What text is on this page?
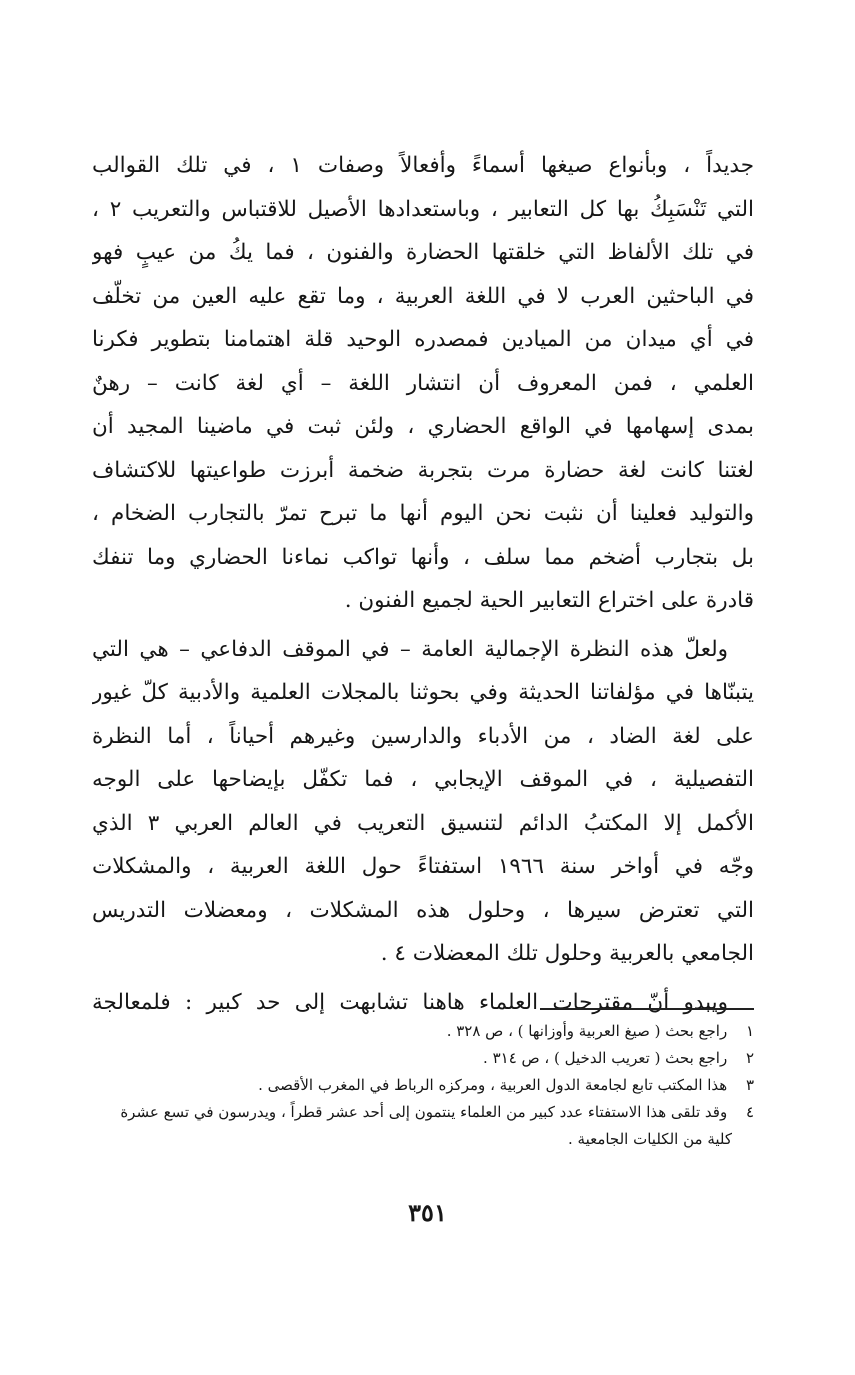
جديداً ، وبأنواع صيغها أسماءً وأفعالاً وصفات ١ ، في تلك القوالب
التي تَنْسَبِكُ بها كل التعابير ، وباستعدادها الأصيل للاقتباس والتعريب ٢ ،
في تلك الألفاظ التي خلقتها الحضارة والفنون ، فما يكُ من عيبٍ فهو
في الباحثين العرب لا في اللغة العربية ، وما تقع عليه العين من تخلّف
في أي ميدان من الميادين فمصدره الوحيد قلة اهتمامنا بتطوير فكرنا
العلمي ، فمن المعروف أن انتشار اللغة – أي لغة كانت – رهنٌ
بمدى إسهامها في الواقع الحضاري ، ولئن ثبت في ماضينا المجيد أن
لغتنا كانت لغة حضارة مرت بتجربة ضخمة أبرزت طواعيتها للاكتشاف
والتوليد فعلينا أن نثبت نحن اليوم أنها ما تبرح تمرّ بالتجارب الضخام ،
بل بتجارب أضخم مما سلف ، وأنها تواكب نماءنا الحضاري وما تنفك
قادرة على اختراع التعابير الحية لجميع الفنون .
ولعلّ هذه النظرة الإجمالية العامة – في الموقف الدفاعي – هي التي
يتبنّاها في مؤلفاتنا الحديثة وفي بحوثنا بالمجلات العلمية والأدبية كلّ غيور
على لغة الضاد ، من الأدباء والدارسين وغيرهم أحياناً ، أما النظرة
التفصيلية ، في الموقف الإيجابي ، فما تكفّل بإيضاحها على الوجه
الأكمل إلا المكتبُ الدائم لتنسيق التعريب في العالم العربي ٣ الذي
وجّه في أواخر سنة ١٩٦٦ استفتاءً حول اللغة العربية ، والمشكلات
التي تعترض سيرها ، وحلول هذه المشكلات ، ومعضلات التدريس
الجامعي بالعربية وحلول تلك المعضلات ٤ .
ويبدو أنّ مقترحات العلماء هاهنا تشابهت إلى حد كبير : فلمعالجة
١ راجع بحث ( صيغ العربية وأوزانها ) ، ص ٣٢٨ .
٢ راجع بحث ( تعريب الدخيل ) ، ص ٣١٤ .
٣ هذا المكتب تابع لجامعة الدول العربية ، ومركزه الرباط في المغرب الأقصى .
٤ وقد تلقى هذا الاستفتاء عدد كبير من العلماء ينتمون إلى أحد عشر قطراً ، ويدرسون في تسع عشرة
كلية من الكليات الجامعية .
٣٥١
